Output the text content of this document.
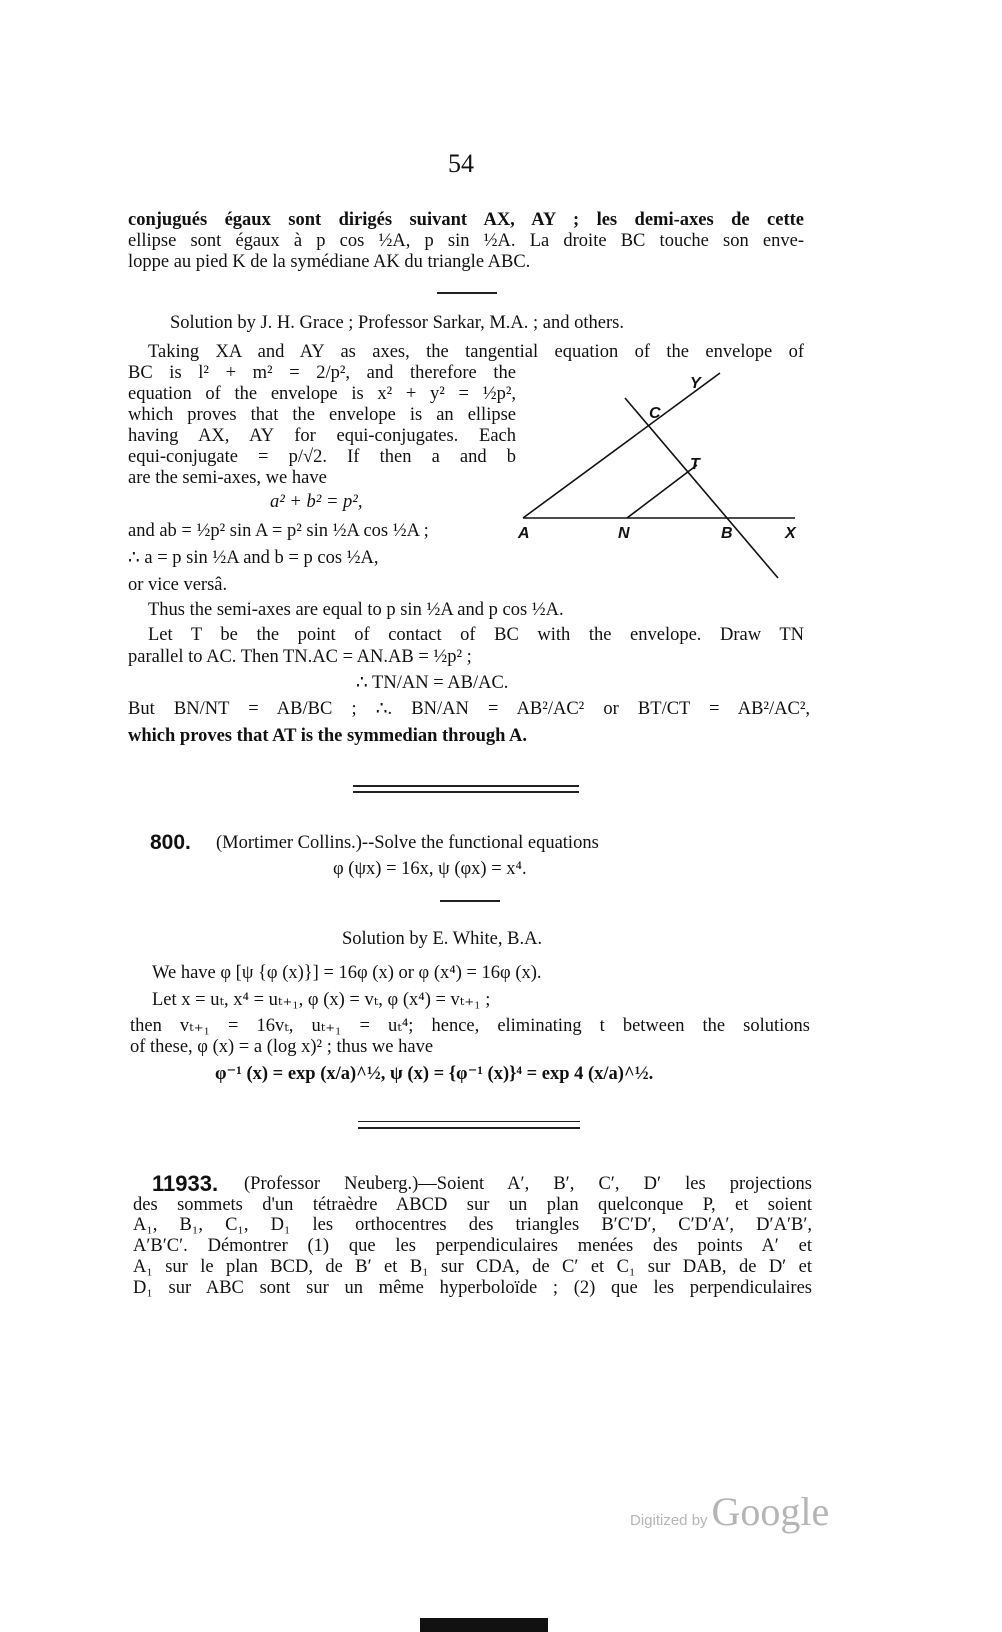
54
conjugués égaux sont dirigés suivant AX, AY ; les demi-axes de cette
ellipse sont égaux à p cos ½A, p sin ½A. La droite BC touche son enve-
loppe au pied K de la symédiane AK du triangle ABC.
Solution by J. H. Grace ; Professor Sarkar, M.A. ; and others.
Taking XA and AY as axes, the tangential equation of the envelope of
BC is l² + m² = 2/p², and therefore the
equation of the envelope is x² + y² = ½p²,
which proves that the envelope is an ellipse
having AX, AY for equi-conjugates. Each
equi-conjugate = p/√2. If then a and b
are the semi-axes, we have
a² + b² = p²,
and ab = ½p² sin A = p² sin ½A cos ½A ;
∴ a = p sin ½A and b = p cos ½A,
or vice versâ.
Thus the semi-axes are equal to p sin ½A and p cos ½A.
Let T be the point of contact of BC with the envelope. Draw TN
parallel to AC. Then TN.AC = AN.AB = ½p² ;
∴ TN/AN = AB/AC.
But BN/NT = AB/BC ; ∴. BN/AN = AB²/AC² or BT/CT = AB²/AC²,
which proves that AT is the symmedian through A.
A	N	B	X
C
T
Y
800. (Mortimer Collins.)--Solve the functional equations
φ (ψx) = 16x, ψ (φx) = x⁴.
Solution by E. White, B.A.
We have φ [ψ {φ (x)}] = 16φ (x) or φ (x⁴) = 16φ (x).
Let x = uₜ, x⁴ = uₜ₊₁, φ (x) = vₜ, φ (x⁴) = vₜ₊₁ ;
then vₜ₊₁ = 16vₜ, uₜ₊₁ = uₜ⁴; hence, eliminating t between the solutions
of these, φ (x) = a (log x)² ; thus we have
φ⁻¹ (x) = exp (x/a)^½, ψ (x) = {φ⁻¹ (x)}⁴ = exp 4 (x/a)^½.
11933. (Professor Neuberg.)—Soient A′, B′, C′, D′ les projections
des sommets d'un tétraèdre ABCD sur un plan quelconque P, et soient
A₁, B₁, C₁, D₁ les orthocentres des triangles B′C′D′, C′D′A′, D′A′B′,
A′B′C′. Démontrer (1) que les perpendiculaires menées des points A′ et
A₁ sur le plan BCD, de B′ et B₁ sur CDA, de C′ et C₁ sur DAB, de D′ et
D₁ sur ABC sont sur un même hyperboloïde ; (2) que les perpendiculaires
Digitized by Google
